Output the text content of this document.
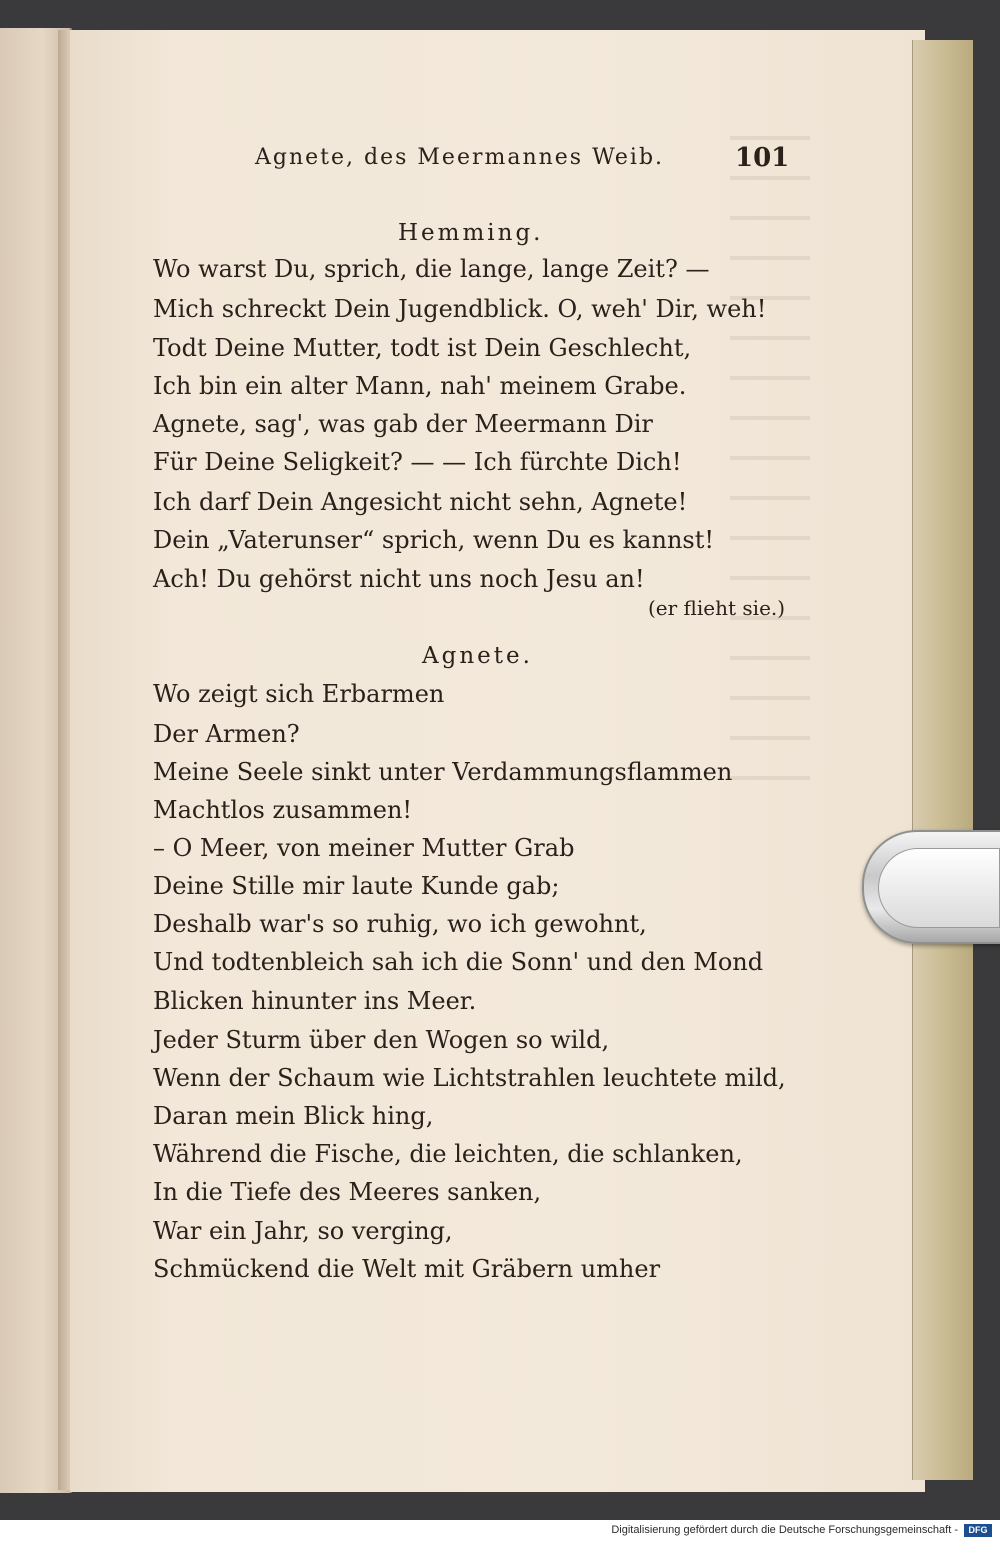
Agnete, des Meermannes Weib.	101
Hemming.
Wo warst Du, sprich, die lange, lange Zeit? —
Mich schreckt Dein Jugendblick. O, weh' Dir, weh!
Todt Deine Mutter, todt ist Dein Geschlecht,
Ich bin ein alter Mann, nah' meinem Grabe.
Agnete, sag', was gab der Meermann Dir
Für Deine Seligkeit? — — Ich fürchte Dich!
Ich darf Dein Angesicht nicht sehn, Agnete!
Dein „Vaterunser“ sprich, wenn Du es kannst!
Ach! Du gehörst nicht uns noch Jesu an!
(er flieht sie.)
Agnete.
Wo zeigt sich Erbarmen
Der Armen?
Meine Seele sinkt unter Verdammungsflammen
Machtlos zusammen!
– O Meer, von meiner Mutter Grab
Deine Stille mir laute Kunde gab;
Deshalb war's so ruhig, wo ich gewohnt,
Und todtenbleich sah ich die Sonn' und den Mond
Blicken hinunter ins Meer.
Jeder Sturm über den Wogen so wild,
Wenn der Schaum wie Lichtstrahlen leuchtete mild,
Daran mein Blick hing,
Während die Fische, die leichten, die schlanken,
In die Tiefe des Meeres sanken,
War ein Jahr, so verging,
Schmückend die Welt mit Gräbern umher
Digitalisierung gefördert durch die Deutsche Forschungsgemeinschaft -	DFG
